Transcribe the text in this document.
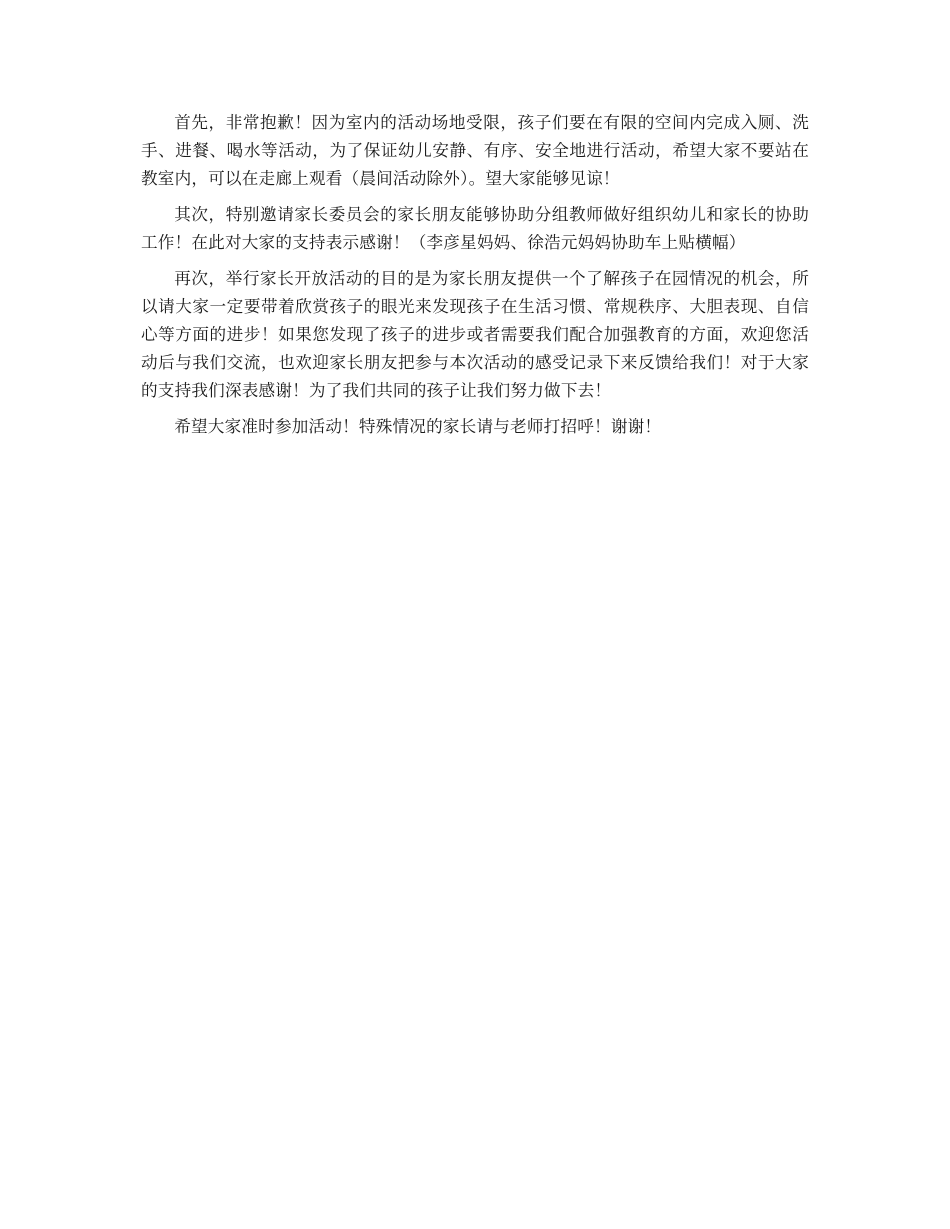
首先，非常抱歉！因为室内的活动场地受限，孩子们要在有限的空间内完成入厕、洗手、进餐、喝水等活动，为了保证幼儿安静、有序、安全地进行活动，希望大家不要站在教室内，可以在走廊上观看（晨间活动除外）。望大家能够见谅！

其次，特别邀请家长委员会的家长朋友能够协助分组教师做好组织幼儿和家长的协助工作！在此对大家的支持表示感谢！（李彦星妈妈、徐浩元妈妈协助车上贴横幅）

再次，举行家长开放活动的目的是为家长朋友提供一个了解孩子在园情况的机会，所以请大家一定要带着欣赏孩子的眼光来发现孩子在生活习惯、常规秩序、大胆表现、自信心等方面的进步！如果您发现了孩子的进步或者需要我们配合加强教育的方面，欢迎您活动后与我们交流，也欢迎家长朋友把参与本次活动的感受记录下来反馈给我们！对于大家的支持我们深表感谢！为了我们共同的孩子让我们努力做下去！

希望大家准时参加活动！特殊情况的家长请与老师打招呼！谢谢！
